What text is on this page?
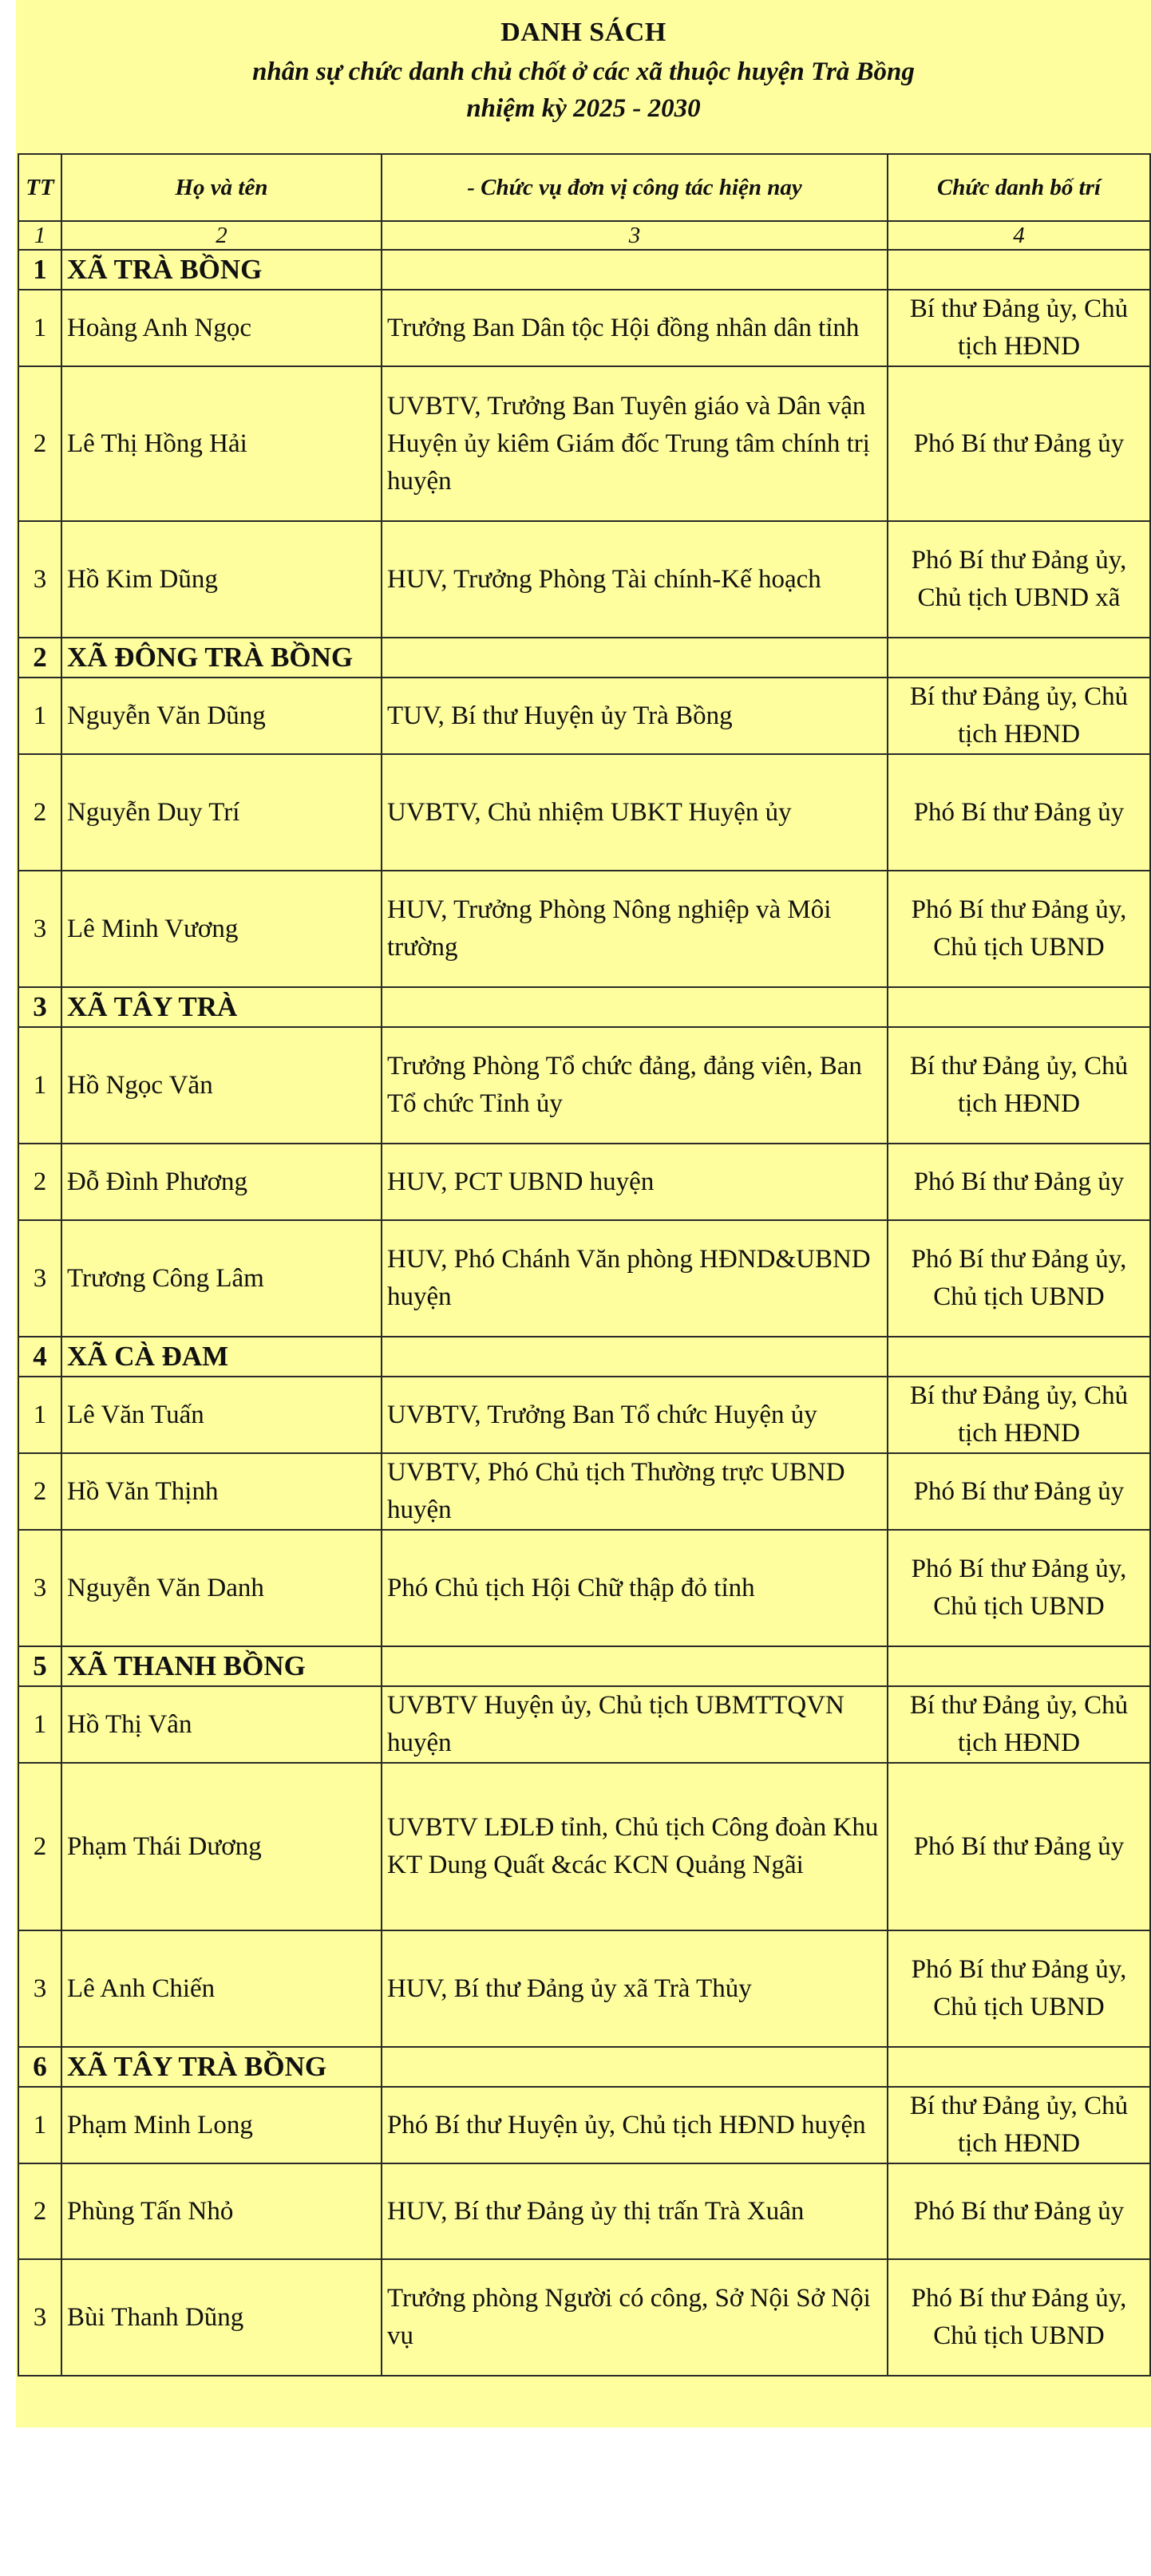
DANH SÁCH
nhân sự chức danh chủ chốt ở các xã thuộc huyện Trà Bồng
nhiệm kỳ 2025 - 2030
TT	Họ và tên	- Chức vụ đơn vị công tác hiện nay	Chức danh bố trí
1	2	3	4
1	XÃ TRÀ BỒNG		
1	Hoàng Anh Ngọc	Trưởng Ban Dân tộc Hội đồng nhân dân tỉnh	Bí thư Đảng ủy, Chủ tịch HĐND
2	Lê Thị Hồng Hải	UVBTV, Trưởng Ban Tuyên giáo và Dân vận Huyện ủy kiêm Giám đốc Trung tâm chính trị huyện	Phó Bí thư Đảng ủy
3	Hồ Kim Dũng	HUV, Trưởng Phòng Tài chính-Kế hoạch	Phó Bí thư Đảng ủy, Chủ tịch UBND xã
2	XÃ ĐÔNG TRÀ BỒNG		
1	Nguyễn Văn Dũng	TUV, Bí thư Huyện ủy Trà Bồng	Bí thư Đảng ủy, Chủ tịch HĐND
2	Nguyễn Duy Trí	UVBTV, Chủ nhiệm UBKT Huyện ủy	Phó Bí thư Đảng ủy
3	Lê Minh Vương	HUV, Trưởng Phòng Nông nghiệp và Môi trường	Phó Bí thư Đảng ủy, Chủ tịch UBND
3	XÃ TÂY TRÀ		
1	Hồ Ngọc Văn	Trưởng Phòng Tổ chức đảng, đảng viên, Ban Tổ chức Tỉnh ủy	Bí thư Đảng ủy, Chủ tịch HĐND
2	Đỗ Đình Phương	HUV, PCT UBND huyện	Phó Bí thư Đảng ủy
3	Trương Công Lâm	HUV, Phó Chánh Văn phòng HĐND&UBND huyện	Phó Bí thư Đảng ủy, Chủ tịch UBND
4	XÃ CÀ ĐAM		
1	Lê Văn Tuấn	UVBTV, Trưởng Ban Tổ chức Huyện ủy	Bí thư Đảng ủy, Chủ tịch HĐND
2	Hồ Văn Thịnh	UVBTV, Phó Chủ tịch Thường trực UBND huyện	Phó Bí thư Đảng ủy
3	Nguyễn Văn Danh	Phó Chủ tịch Hội Chữ thập đỏ tỉnh	Phó Bí thư Đảng ủy, Chủ tịch UBND
5	XÃ THANH BỒNG		
1	Hồ Thị Vân	UVBTV Huyện ủy, Chủ tịch UBMTTQVN huyện	Bí thư Đảng ủy, Chủ tịch HĐND
2	Phạm Thái Dương	UVBTV LĐLĐ tỉnh, Chủ tịch Công đoàn Khu KT Dung Quất &các KCN Quảng Ngãi	Phó Bí thư Đảng ủy
3	Lê Anh Chiến	HUV, Bí thư Đảng ủy xã Trà Thủy	Phó Bí thư Đảng ủy, Chủ tịch UBND
6	XÃ TÂY TRÀ BỒNG		
1	Phạm Minh Long	Phó Bí thư Huyện ủy, Chủ tịch HĐND huyện	Bí thư Đảng ủy, Chủ tịch HĐND
2	Phùng Tấn Nhỏ	HUV, Bí thư Đảng ủy thị trấn Trà Xuân	Phó Bí thư Đảng ủy
3	Bùi Thanh Dũng	Trưởng phòng Người có công, Sở Nội Sở Nội vụ	Phó Bí thư Đảng ủy, Chủ tịch UBND
